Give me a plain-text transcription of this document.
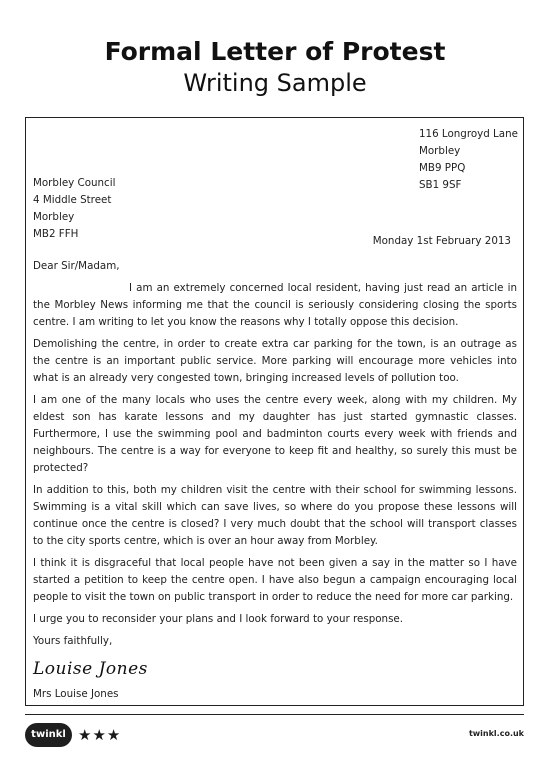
Formal Letter of Protest
Writing Sample
116 Longroyd Lane
Morbley
MB9 PPQ
SB1 9SF
Morbley Council
4 Middle Street
Morbley
MB2 FFH
Monday 1st February 2013
Dear Sir/Madam,

I am an extremely concerned local resident, having just read an article in the Morbley News informing me that the council is seriously considering closing the sports centre. I am writing to let you know the reasons why I totally oppose this decision.

Demolishing the centre, in order to create extra car parking for the town, is an outrage as the centre is an important public service. More parking will encourage more vehicles into what is an already very congested town, bringing increased levels of pollution too.

I am one of the many locals who uses the centre every week, along with my children. My eldest son has karate lessons and my daughter has just started gymnastic classes. Furthermore, I use the swimming pool and badminton courts every week with friends and neighbours. The centre is a way for everyone to keep fit and healthy, so surely this must be protected?

In addition to this, both my children visit the centre with their school for swimming lessons. Swimming is a vital skill which can save lives, so where do you propose these lessons will continue once the centre is closed? I very much doubt that the school will transport classes to the city sports centre, which is over an hour away from Morbley.

I think it is disgraceful that local people have not been given a say in the matter so I have started a petition to keep the centre open. I have also begun a campaign encouraging local people to visit the town on public transport in order to reduce the need for more car parking.

I urge you to reconsider your plans and I look forward to your response.

Yours faithfully,
Louise Jones
Mrs Louise Jones
twinkl ★★★	twinkl.co.uk
